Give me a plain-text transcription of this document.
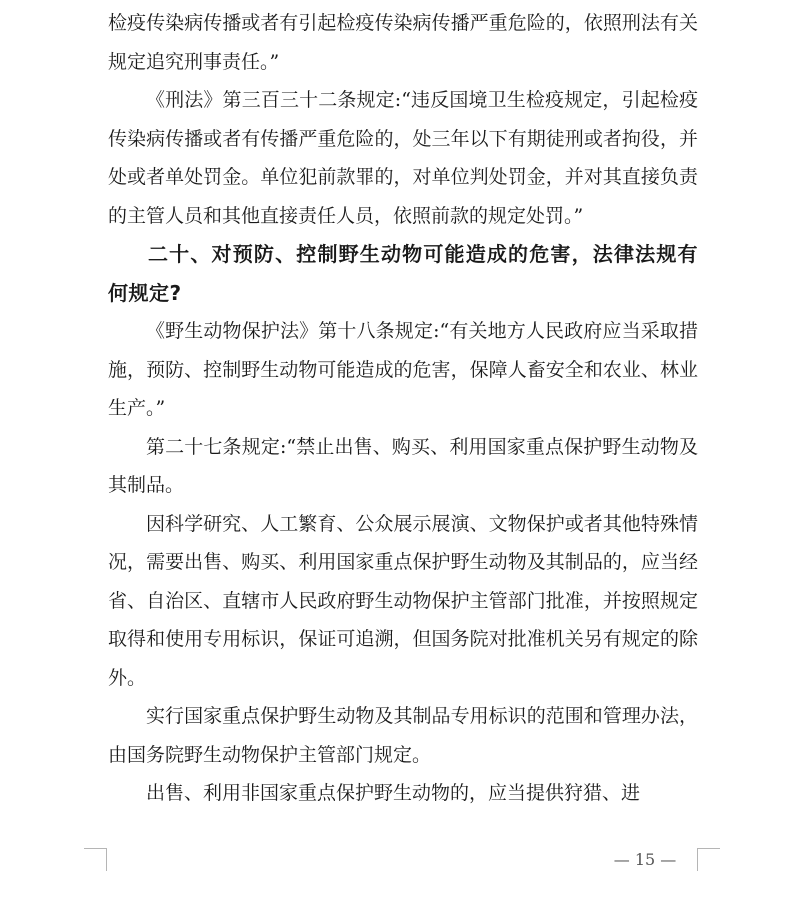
检疫传染病传播或者有引起检疫传染病传播严重危险的，依照刑法有关规定追究刑事责任。”

《刑法》第三百三十二条规定:“违反国境卫生检疫规定，引起检疫传染病传播或者有传播严重危险的，处三年以下有期徒刑或者拘役，并处或者单处罚金。单位犯前款罪的，对单位判处罚金，并对其直接负责的主管人员和其他直接责任人员，依照前款的规定处罚。”

二十、对预防、控制野生动物可能造成的危害，法律法规有何规定?

《野生动物保护法》第十八条规定:“有关地方人民政府应当采取措施，预防、控制野生动物可能造成的危害，保障人畜安全和农业、林业生产。”

第二十七条规定:“禁止出售、购买、利用国家重点保护野生动物及其制品。

因科学研究、人工繁育、公众展示展演、文物保护或者其他特殊情况，需要出售、购买、利用国家重点保护野生动物及其制品的，应当经省、自治区、直辖市人民政府野生动物保护主管部门批准，并按照规定取得和使用专用标识，保证可追溯，但国务院对批准机关另有规定的除外。

实行国家重点保护野生动物及其制品专用标识的范围和管理办法，由国务院野生动物保护主管部门规定。

出售、利用非国家重点保护野生动物的，应当提供狩猎、进

— 15 —
